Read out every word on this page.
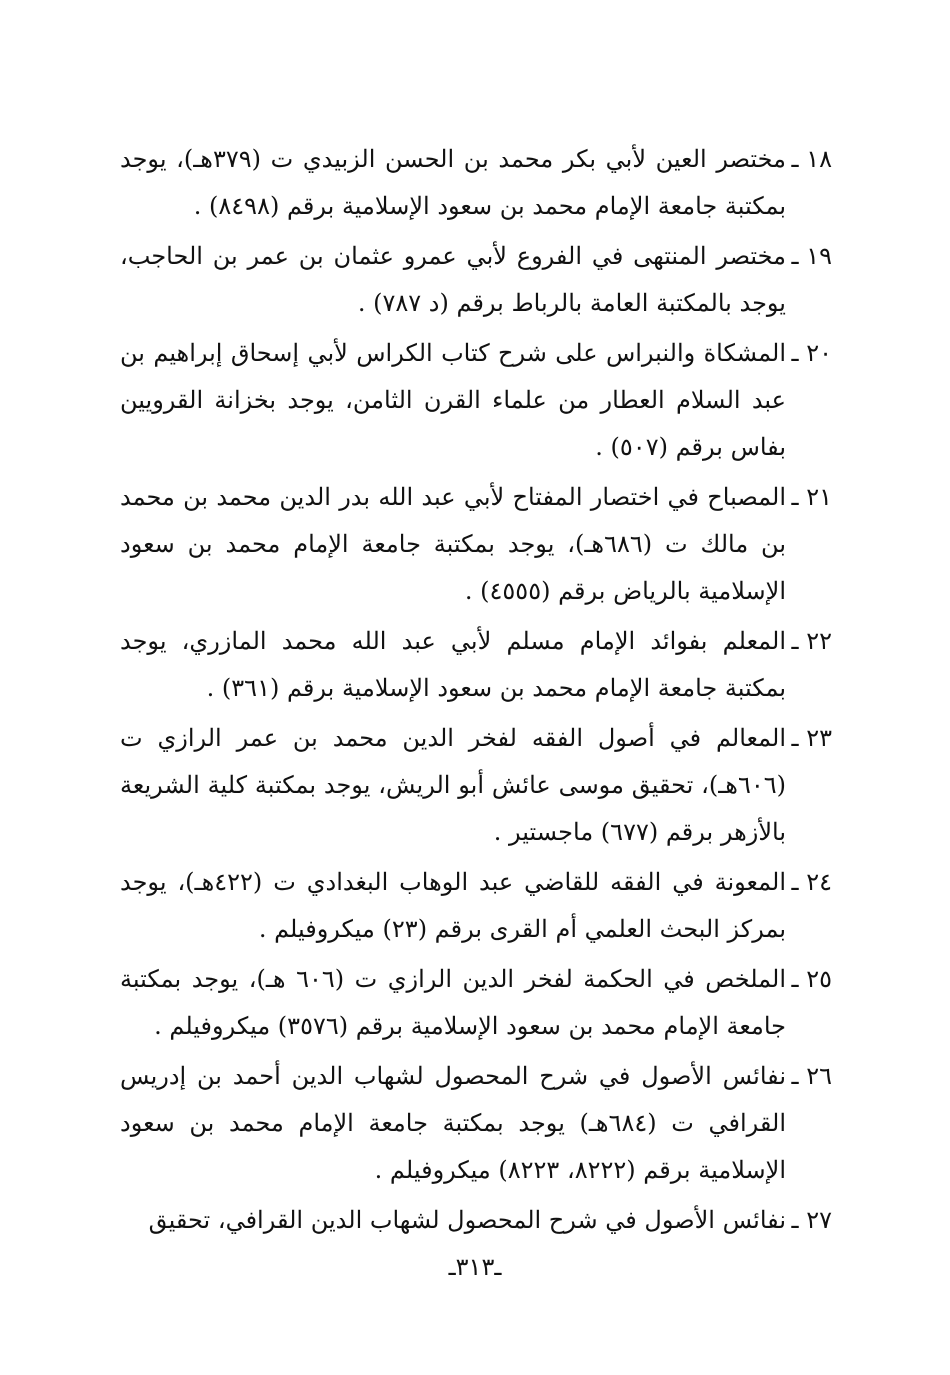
١٨ ـ
مختصر العين لأبي بكر محمد بن الحسن الزبيدي ت (٣٧٩هـ)، يوجد بمكتبة جامعة الإمام محمد بن سعود الإسلامية برقم (٨٤٩٨) .
١٩ ـ
مختصر المنتهى في الفروع لأبي عمرو عثمان بن عمر بن الحاجب، يوجد بالمكتبة العامة بالرباط برقم (د ٧٨٧) .
٢٠ ـ
المشكاة والنبراس على شرح كتاب الكراس لأبي إسحاق إبراهيم بن عبد السلام العطار من علماء القرن الثامن، يوجد بخزانة القرويين بفاس برقم (٥٠٧) .
٢١ ـ
المصباح في اختصار المفتاح لأبي عبد الله بدر الدين محمد بن محمد بن مالك ت (٦٨٦هـ)، يوجد بمكتبة جامعة الإمام محمد بن سعود الإسلامية بالرياض برقم (٤٥٥٥) .
٢٢ ـ
المعلم بفوائد الإمام مسلم لأبي عبد الله محمد المازري، يوجد بمكتبة جامعة الإمام محمد بن سعود الإسلامية برقم (٣٦١) .
٢٣ ـ
المعالم في أصول الفقه لفخر الدين محمد بن عمر الرازي ت (٦٠٦هـ)، تحقيق موسى عائش أبو الريش، يوجد بمكتبة كلية الشريعة بالأزهر برقم (٦٧٧) ماجستير .
٢٤ ـ
المعونة في الفقه للقاضي عبد الوهاب البغدادي ت (٤٢٢هـ)، يوجد بمركز البحث العلمي أم القرى برقم (٢٣) ميكروفيلم .
٢٥ ـ
الملخص في الحكمة لفخر الدين الرازي ت (٦٠٦ هـ)، يوجد بمكتبة جامعة الإمام محمد بن سعود الإسلامية برقم (٣٥٧٦) ميكروفيلم .
٢٦ ـ
نفائس الأصول في شرح المحصول لشهاب الدين أحمد بن إدريس القرافي ت (٦٨٤هـ) يوجد بمكتبة جامعة الإمام محمد بن سعود الإسلامية برقم (٨٢٢٢، ٨٢٢٣) ميكروفيلم .
٢٧ ـ
نفائس الأصول في شرح المحصول لشهاب الدين القرافي، تحقيق
ـ٣١٣ـ
